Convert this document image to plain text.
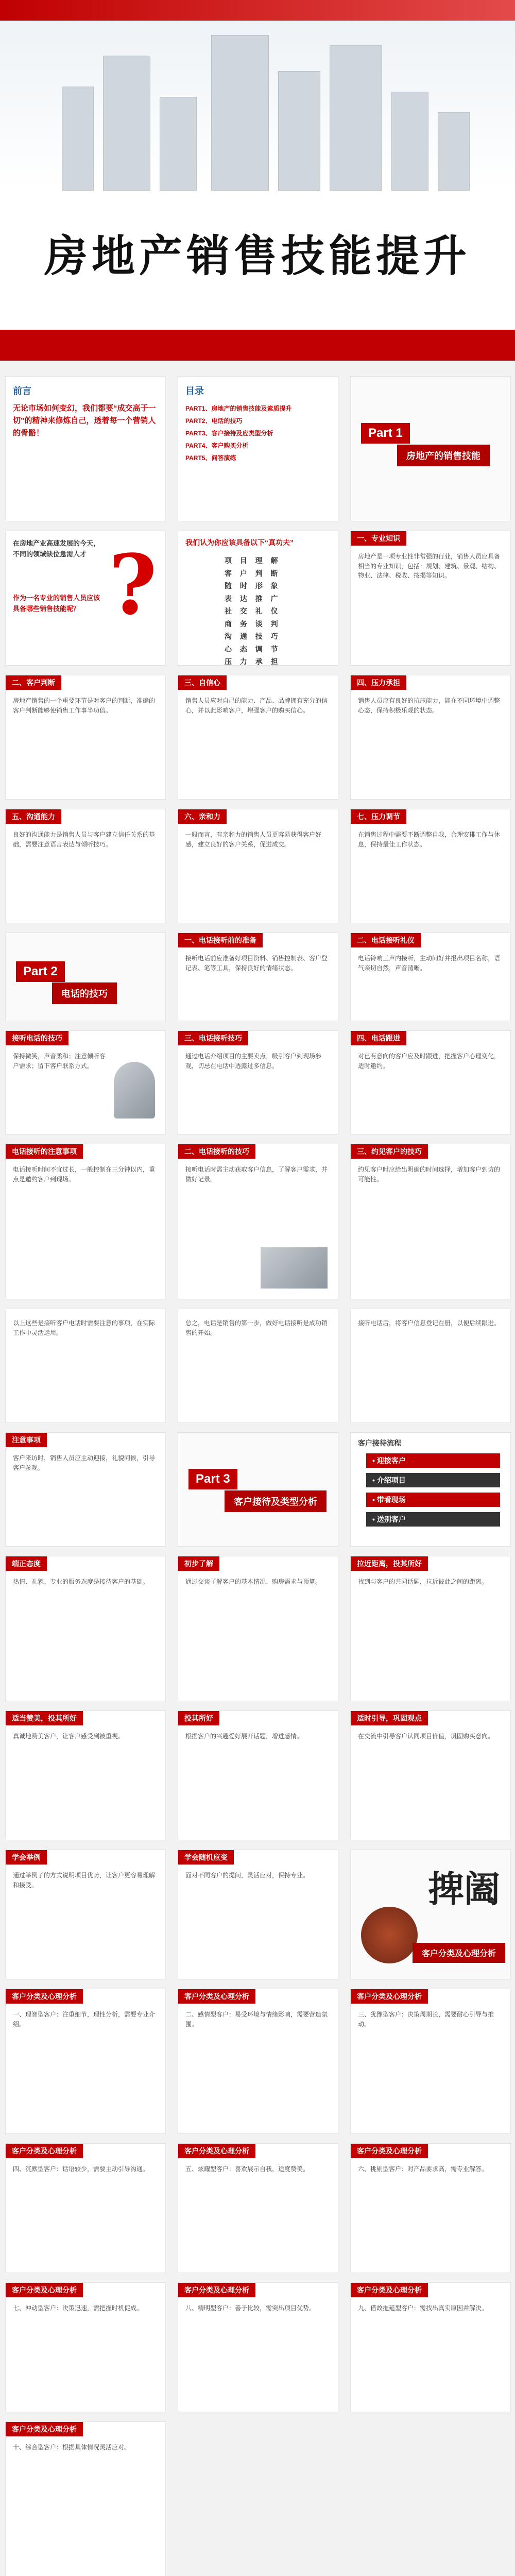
房地产销售技能提升
前言
无论市场如何变幻，我们都要“成交高于一切”的精神来修炼自己，透着每一个营销人的骨骼！
目录
PART1、房地产的销售技能及素质提升
PART2、电话的技巧
PART3、客户接待及应类型分析
PART4、客户购买分析
PART5、问答演练
Part 1
房地产的销售技能
在房地产业高速发展的今天，不同的领域缺位急需人才
作为一名专业的销售人员应该具备哪些销售技能呢？ ?	我们认为你应该具备以下“真功夫”
项 目 理 解
客 户 判 断
随 时 形 象
表 达 推 广
社 交 礼 仪
商 务 谈 判
沟 通 技 巧
心 态 调 节
压 力 承 担
一、专业知识
房地产是一项专业性非常强的行业，销售人员应具备相当的专业知识，包括：规划、建筑、景观、结构、物业、法律、税收、按揭等知识。
二、客户判断
房地产销售的一个重要环节是对客户的判断，准确的客户判断能够使销售工作事半功倍。
三、自信心
销售人员应对自己的能力、产品、品牌拥有充分的信心，并以此影响客户，增强客户的购买信心。
四、压力承担
销售人员应有良好的抗压能力，能在不同环境中调整心态，保持积极乐观的状态。
五、沟通能力
良好的沟通能力是销售人员与客户建立信任关系的基础，需要注意语言表达与倾听技巧。
六、亲和力
一般而言，有亲和力的销售人员更容易获得客户好感，建立良好的客户关系，促进成交。
七、压力调节
在销售过程中需要不断调整自我，合理安排工作与休息，保持最佳工作状态。
Part 2
电话的技巧
一、电话接听前的准备
接听电话前应准备好项目资料、销售控制表、客户登记表、笔等工具，保持良好的情绪状态。
二、电话接听礼仪
电话铃响三声内接听，主动问好并报出项目名称，语气亲切自然，声音清晰。
接听电话的技巧
保持微笑，声音柔和；注意倾听客户需求；留下客户联系方式。
三、电话接听技巧
通过电话介绍项目的主要卖点，吸引客户到现场参观，切忌在电话中透露过多信息。
四、电话跟进
对已有意向的客户应及时跟进，把握客户心理变化，适时邀约。
电话接听的注意事项
电话接听时间不宜过长，一般控制在三分钟以内，重点是邀约客户到现场。
二、电话接听的技巧
接听电话时需主动获取客户信息，了解客户需求，并做好记录。
三、约见客户的技巧
约见客户时应给出明确的时间选择，增加客户到访的可能性。
以上这些是接听客户电话时需要注意的事项，在实际工作中灵活运用。
总之，电话是销售的第一步，做好电话接听是成功销售的开始。
接听电话后，将客户信息登记在册，以便后续跟进。
注意事项
客户来访时，销售人员应主动迎接，礼貌问候，引导客户参观。
Part 3
客户接待及类型分析
客户接待流程
• 迎接客户
• 介绍项目
• 带看现场
• 送别客户
端正态度
热情、礼貌、专业的服务态度是接待客户的基础。
初步了解
通过交谈了解客户的基本情况、购房需求与预算。
拉近距离，投其所好
找到与客户的共同话题，拉近彼此之间的距离。
适当赞美，投其所好
真诚地赞美客户，让客户感受到被重视。
投其所好
根据客户的兴趣爱好展开话题，增进感情。
适时引导，巩固观点
在交流中引导客户认同项目价值，巩固购买意向。
学会举例
通过举例子的方式说明项目优势，让客户更容易理解和接受。
学会随机应变
面对不同客户的提问，灵活应对，保持专业。	捭阖
客户分类及心理分析
客户分类及心理分析
一、理智型客户：注重细节，理性分析，需要专业介绍。
客户分类及心理分析
二、感情型客户：易受环境与情绪影响，需要营造氛围。
客户分类及心理分析
三、犹豫型客户：决策周期长，需要耐心引导与推动。
客户分类及心理分析
四、沉默型客户：话语较少，需要主动引导沟通。
客户分类及心理分析
五、炫耀型客户：喜欢展示自我，适度赞美。
客户分类及心理分析
六、挑剔型客户：对产品要求高，需专业解答。
客户分类及心理分析
七、冲动型客户：决策迅速，需把握时机促成。
客户分类及心理分析
八、精明型客户：善于比较，需突出项目优势。
客户分类及心理分析
九、借故拖延型客户：需找出真实原因并解决。
客户分类及心理分析
十、综合型客户：根据具体情况灵活应对。
